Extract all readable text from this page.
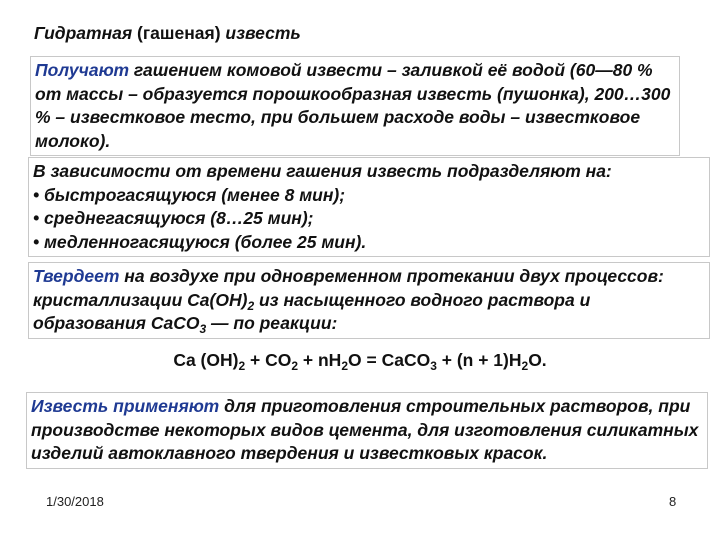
Гидратная (гашеная) известь
Получают гашением комовой извести – заливкой её водой (60—80 % от массы – образуется порошкообразная известь (пушонка), 200…300 % – известковое тесто, при большем расходе воды – известковое молоко).
В зависимости от времени гашения известь подразделяют на:
• быстрогасящуюся (менее 8 мин);
• среднегасящуюся (8…25 мин);
• медленногасящуюся (более 25 мин).
Твердеет на воздухе при одновременном протекании двух процессов: кристаллизации $Ca(OH)_2$ из насыщенного водного раствора и образования CaCO$_3$ — по реакции:
Ca $(OH)_2 + CO_2 + nH_2O$ = CaCO$_3$ + $(n + 1)H_2O$.
Известь применяют для приготовления строительных растворов, при производстве некоторых видов цемента, для изготовления силикатных изделий автоклавного твердения и известковых красок.
1/30/2018	8
